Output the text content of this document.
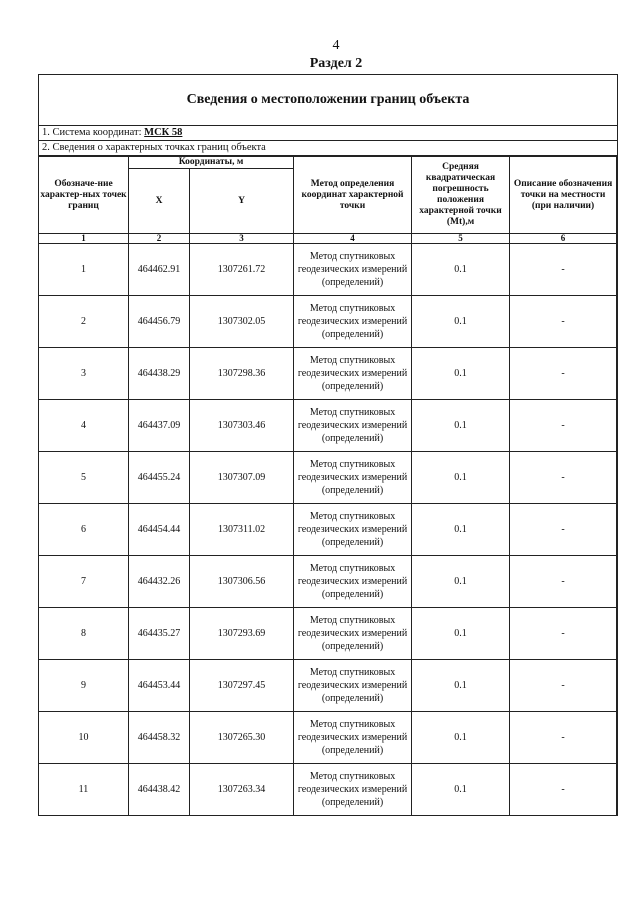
4
Раздел 2
Сведения о местоположении границ объекта
1. Система координат: МСК 58
2. Сведения о характерных точках границ объекта
Обозначе-ние характер-ных точек границ	Координаты, м		Метод определения координат характерной точки	Средняя квадратическая погрешность положения характерной точки (Mt),м	Описание обозначения точки на местности (при наличии)
	X	Y			
1	2	3	4	5	6
1	464462.91	1307261.72	Метод спутниковых геодезических измерений (определений)	0.1	-
2	464456.79	1307302.05	Метод спутниковых геодезических измерений (определений)	0.1	-
3	464438.29	1307298.36	Метод спутниковых геодезических измерений (определений)	0.1	-
4	464437.09	1307303.46	Метод спутниковых геодезических измерений (определений)	0.1	-
5	464455.24	1307307.09	Метод спутниковых геодезических измерений (определений)	0.1	-
6	464454.44	1307311.02	Метод спутниковых геодезических измерений (определений)	0.1	-
7	464432.26	1307306.56	Метод спутниковых геодезических измерений (определений)	0.1	-
8	464435.27	1307293.69	Метод спутниковых геодезических измерений (определений)	0.1	-
9	464453.44	1307297.45	Метод спутниковых геодезических измерений (определений)	0.1	-
10	464458.32	1307265.30	Метод спутниковых геодезических измерений (определений)	0.1	-
11	464438.42	1307263.34	Метод спутниковых геодезических измерений (определений)	0.1	-
